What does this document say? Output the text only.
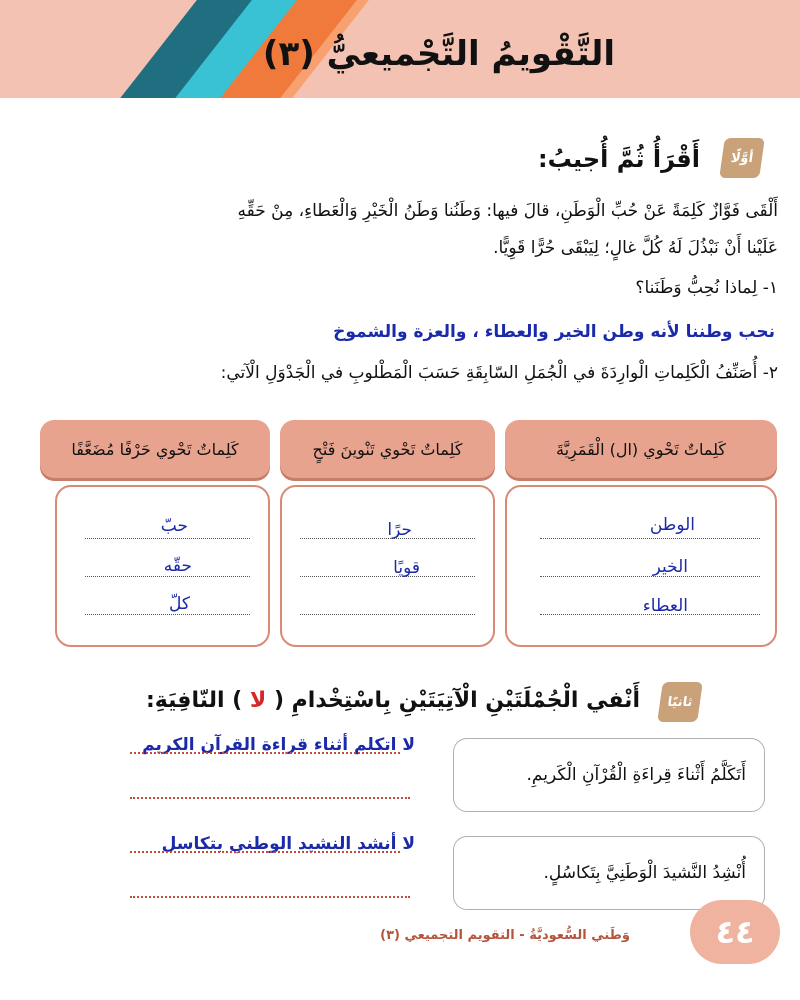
التَّقْويمُ التَّجْميعيُّ (٣)
أوَّلًا
أَقْرَأُ ثُمَّ أُجيبُ:
أَلْقَى فَوَّازٌ كَلِمَةً عَنْ حُبِّ الْوَطَنِ، قالَ فيها: وَطَنُنا وَطَنُ الْخَيْرِ وَالْعَطاءِ، مِنْ حَقِّهِ
عَلَيْنا أَنْ نَبْذُلَ لَهُ كُلَّ غالٍ؛ لِيَبْقَى حُرًّا قَوِيًّا.
١- لِماذا نُحِبُّ وَطَنَنا؟
نحب وطننا لأنه وطن الخير والعطاء ، والعزة والشموخ
٢- أُصَنِّفُ الْكَلِماتِ الْوارِدَةَ في الْجُمَلِ السّابِقَةِ حَسَبَ الْمَطْلوبِ في الْجَدْوَلِ الْآتي:
كَلِماتٌ تَحْوي (ال) الْقَمَرِيَّةَ
كَلِماتٌ تَحْوي تَنْوينَ فَتْحٍ
كَلِماتٌ تَحْوي حَرْفًا مُضَعَّفًا
الوطن
الخير
العطاء
حرًا
قويًا
حبّ
حقّه
كلّ
ثانيًا
أَنْفي الْجُمْلَتَيْنِ الْآتِيَتَيْنِ بِاسْتِخْدامِ ( لا ) النّافِيَةِ:
أَتَكَلَّمُ أَثْناءَ قِراءَةِ الْقُرْآنِ الْكَريمِ.
أُنْشِدُ النَّشيدَ الْوَطَنِيَّ بِتَكاسُلٍ.
لا اتكلم أثناء قراءة القرآن الكريم
لا أنشد النشيد الوطني بتكاسل
وَطَني السُّعوديَّةُ - التقويم التجميعي (٣)	٤٤
